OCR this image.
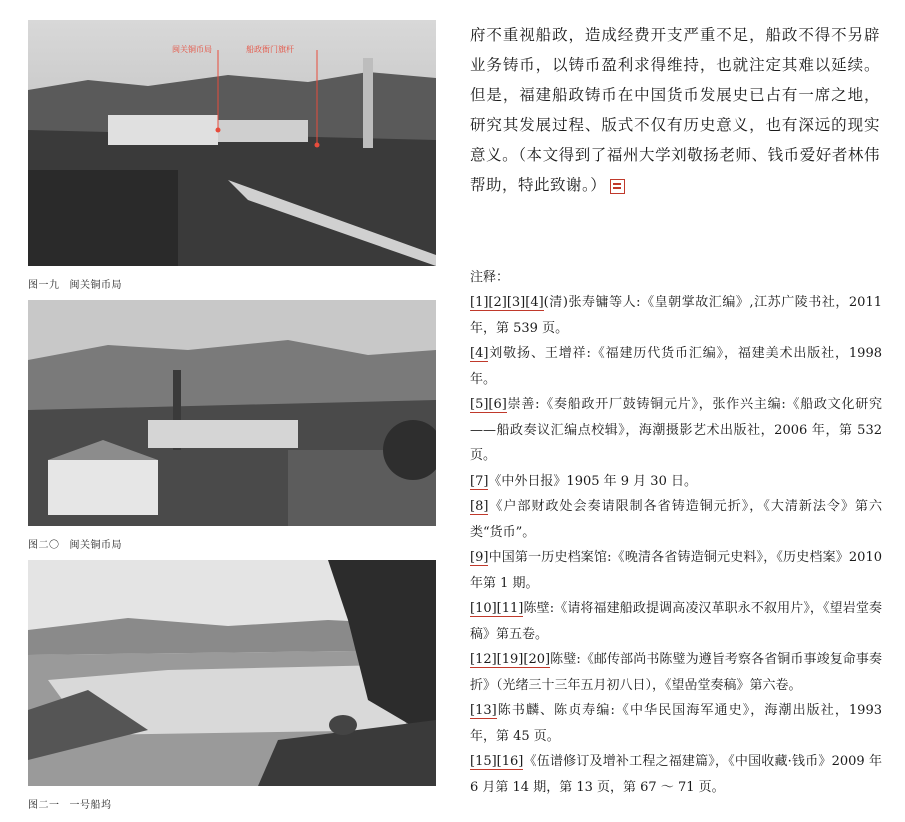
闽关铜币局	船政衙门旗杆
图一九 闽关铜币局
图二〇 闽关铜币局
图二一 一号船坞
府不重视船政，造成经费开支严重不足，船政不得不另辟业务铸币，以铸币盈利求得维持，也就注定其难以延续。但是，福建船政铸币在中国货币发展史已占有一席之地，研究其发展过程、版式不仅有历史意义，也有深远的现实意义。（本文得到了福州大学刘敬扬老师、钱币爱好者林伟帮助，特此致谢。）
注释：

[1][2][3][4](清)张寿镛等人:《皇朝掌故汇编》,江苏广陵书社，2011 年，第 539 页。

[4]刘敬扬、王增祥:《福建历代货币汇编》，福建美术出版社，1998 年。

[5][6]崇善:《奏船政开厂鼓铸铜元片》，张作兴主编:《船政文化研究——船政奏议汇编点校辑》，海潮摄影艺术出版社，2006 年，第 532 页。

[7]《中外日报》1905 年 9 月 30 日。

[8]《户部财政处会奏请限制各省铸造铜元折》，《大清新法令》第六类“货币”。

[9]中国第一历史档案馆:《晚清各省铸造铜元史料》，《历史档案》2010 年第 1 期。

[10][11]陈壁:《请将福建船政提调高凌汉革职永不叙用片》，《望岩堂奏稿》第五卷。

[12][19][20]陈璧:《邮传部尚书陈璧为遵旨考察各省铜币事竣复命事奏折》（光绪三十三年五月初八日），《望嵒堂奏稿》第六卷。

[13]陈书麟、陈贞寿编:《中华民国海军通史》，海潮出版社，1993 年，第 45 页。

[15][16]《伍谱修订及增补工程之福建篇》，《中国收藏·钱币》2009 年 6 月第 14 期，第 13 页，第 67 ～ 71 页。
